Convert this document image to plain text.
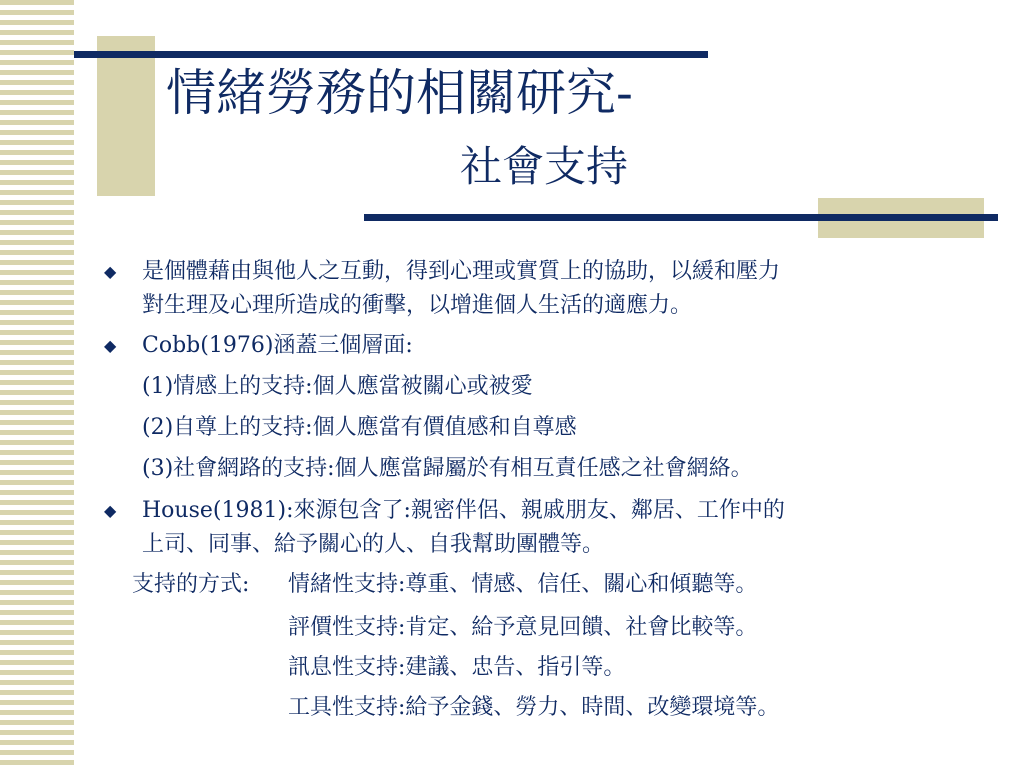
情緒勞務的相關研究-
社會支持
◆ 是個體藉由與他人之互動，得到心理或實質上的協助，以緩和壓力
對生理及心理所造成的衝擊，以增進個人生活的適應力。
◆ Cobb(1976)涵蓋三個層面:
(1)情感上的支持:個人應當被關心或被愛
(2)自尊上的支持:個人應當有價值感和自尊感
(3)社會網路的支持:個人應當歸屬於有相互責任感之社會網絡。
◆ House(1981):來源包含了:親密伴侶、親戚朋友、鄰居、工作中的
上司、同事、給予關心的人、自我幫助團體等。
支持的方式: 情緒性支持:尊重、情感、信任、關心和傾聽等。
評價性支持:肯定、給予意見回饋、社會比較等。
訊息性支持:建議、忠告、指引等。
工具性支持:給予金錢、勞力、時間、改變環境等。
